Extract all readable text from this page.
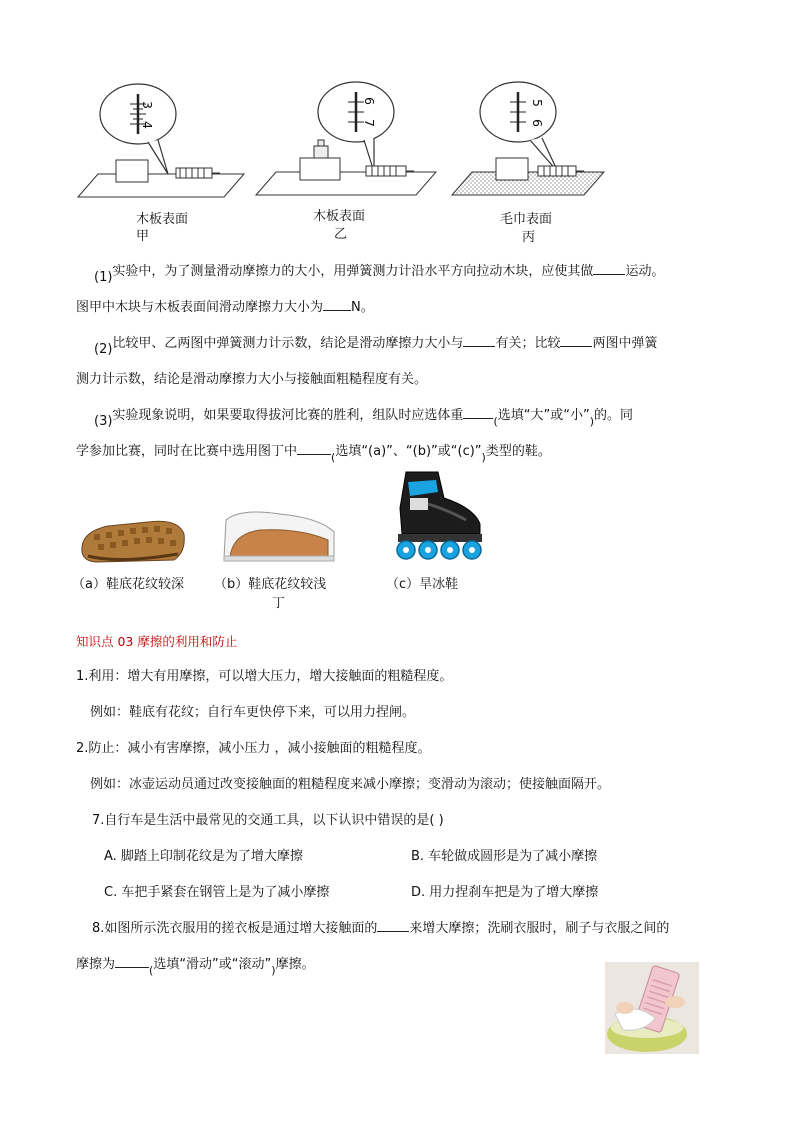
3
4
木板表面
甲
6
7
木板表面
乙
5
6
毛巾表面
丙
(1)实验中，为了测量滑动摩擦力的大小，用弹簧测力计沿水平方向拉动木块，应使其做 运动。
图甲中木块与木板表面间滑动摩擦力大小为 N。
(2)比较甲、乙两图中弹簧测力计示数，结论是滑动摩擦力大小与 有关；比较 两图中弹簧
测力计示数，结论是滑动摩擦力大小与接触面粗糙程度有关。
(3)实验现象说明，如果要取得拔河比赛的胜利，组队时应选体重	$_($选填“大”或“小$”_)$的。同
学参加比赛，同时在比赛中选用图丁中	$_($选填“(a)”、“(b)”或“$(c)”_)$类型的鞋。
（a）鞋底花纹较深 （b）鞋底花纹较浅
丁
（c）旱冰鞋
知识点 03 摩擦的利用和防止
1.利用：增大有用摩擦，可以增大压力，增大接触面的粗糙程度。
例如：鞋底有花纹；自行车更快停下来，可以用力捏闸。
2.防止：减小有害摩擦，减小压力 ，减小接触面的粗糙程度。
例如：冰壶运动员通过改变接触面的粗糙程度来减小摩擦；变滑动为滚动；使接触面隔开。
7.自行车是生活中最常见的交通工具，以下认识中错误的是( )
A. 脚踏上印制花纹是为了增大摩擦	B. 车轮做成圆形是为了减小摩擦
C. 车把手紧套在钢管上是为了减小摩擦	D. 用力捏刹车把是为了增大摩擦
8.如图所示洗衣服用的搓衣板是通过增大接触面的 来增大摩擦；洗刷衣服时，刷子与衣服之间的
摩擦为	$_($选填“滑动”或“滚动$”_)$摩擦。
